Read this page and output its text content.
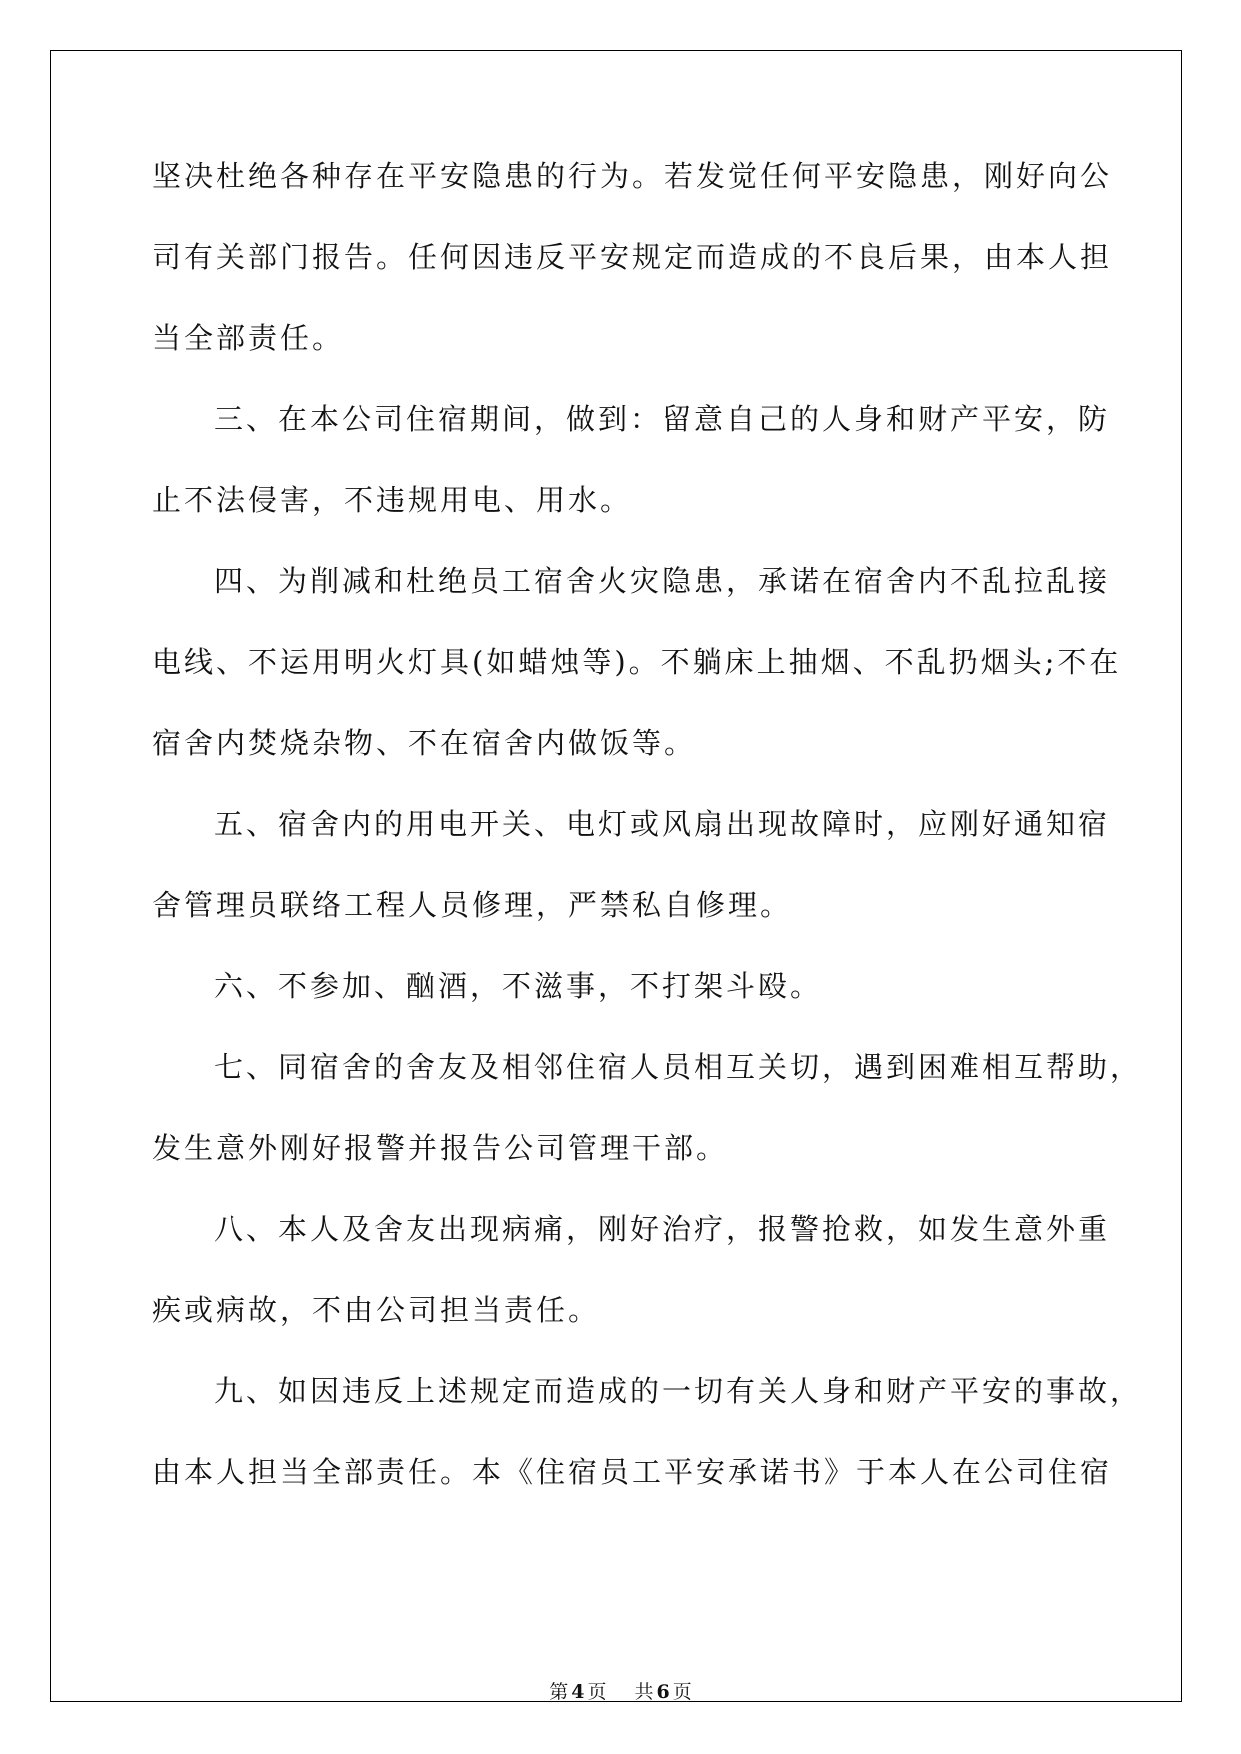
坚决杜绝各种存在平安隐患的行为。若发觉任何平安隐患，刚好向公
司有关部门报告。任何因违反平安规定而造成的不良后果，由本人担
当全部责任。

三、在本公司住宿期间，做到：留意自己的人身和财产平安，防
止不法侵害，不违规用电、用水。

四、为削减和杜绝员工宿舍火灾隐患，承诺在宿舍内不乱拉乱接
电线、不运用明火灯具(如蜡烛等)。不躺床上抽烟、不乱扔烟头;不在
宿舍内焚烧杂物、不在宿舍内做饭等。

五、宿舍内的用电开关、电灯或风扇出现故障时，应刚好通知宿
舍管理员联络工程人员修理，严禁私自修理。

六、不参加、酗酒，不滋事，不打架斗殴。

七、同宿舍的舍友及相邻住宿人员相互关切，遇到困难相互帮助，
发生意外刚好报警并报告公司管理干部。

八、本人及舍友出现病痛，刚好治疗，报警抢救，如发生意外重
疾或病故，不由公司担当责任。

九、如因违反上述规定而造成的一切有关人身和财产平安的事故，
由本人担当全部责任。本《住宿员工平安承诺书》于本人在公司住宿

第 4 页 共 6 页
